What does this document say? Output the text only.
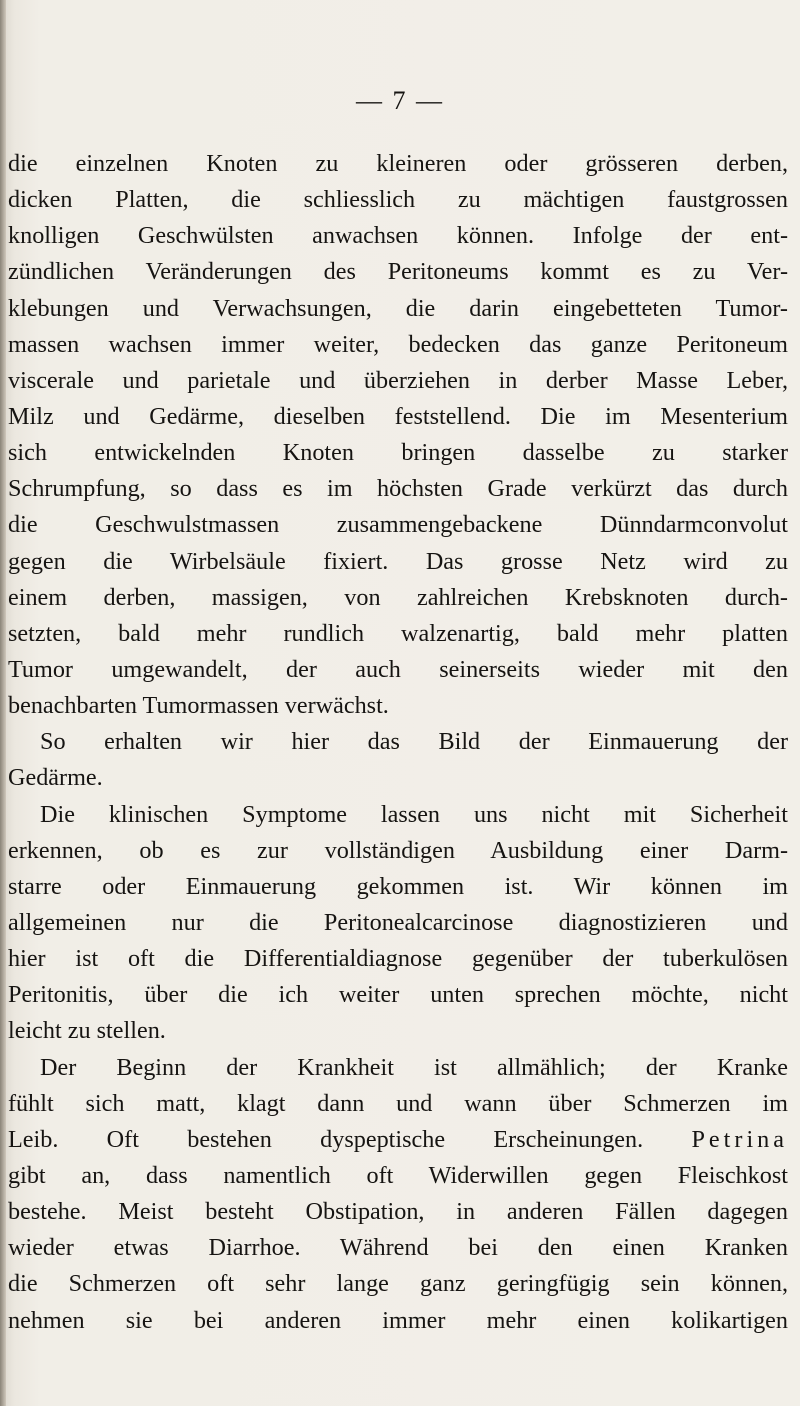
— 7 —
die einzelnen Knoten zu kleineren oder grösseren derben,
dicken Platten, die schliesslich zu mächtigen faustgrossen
knolligen Geschwülsten anwachsen können. Infolge der ent-
zündlichen Veränderungen des Peritoneums kommt es zu Ver-
klebungen und Verwachsungen, die darin eingebetteten Tumor-
massen wachsen immer weiter, bedecken das ganze Peritoneum
viscerale und parietale und überziehen in derber Masse Leber,
Milz und Gedärme, dieselben feststellend. Die im Mesenterium
sich entwickelnden Knoten bringen dasselbe zu starker
Schrumpfung, so dass es im höchsten Grade verkürzt das durch
die Geschwulstmassen zusammengebackene Dünndarmconvolut
gegen die Wirbelsäule fixiert. Das grosse Netz wird zu
einem derben, massigen, von zahlreichen Krebsknoten durch-
setzten, bald mehr rundlich walzenartig, bald mehr platten
Tumor umgewandelt, der auch seinerseits wieder mit den
benachbarten Tumormassen verwächst.
So erhalten wir hier das Bild der Einmauerung der
Gedärme.
Die klinischen Symptome lassen uns nicht mit Sicherheit
erkennen, ob es zur vollständigen Ausbildung einer Darm-
starre oder Einmauerung gekommen ist. Wir können im
allgemeinen nur die Peritonealcarcinose diagnostizieren und
hier ist oft die Differentialdiagnose gegenüber der tuberkulösen
Peritonitis, über die ich weiter unten sprechen möchte, nicht
leicht zu stellen.
Der Beginn der Krankheit ist allmählich; der Kranke
fühlt sich matt, klagt dann und wann über Schmerzen im
Leib. Oft bestehen dyspeptische Erscheinungen. Petrina
gibt an, dass namentlich oft Widerwillen gegen Fleischkost
bestehe. Meist besteht Obstipation, in anderen Fällen dagegen
wieder etwas Diarrhoe. Während bei den einen Kranken
die Schmerzen oft sehr lange ganz geringfügig sein können,
nehmen sie bei anderen immer mehr einen kolikartigen
